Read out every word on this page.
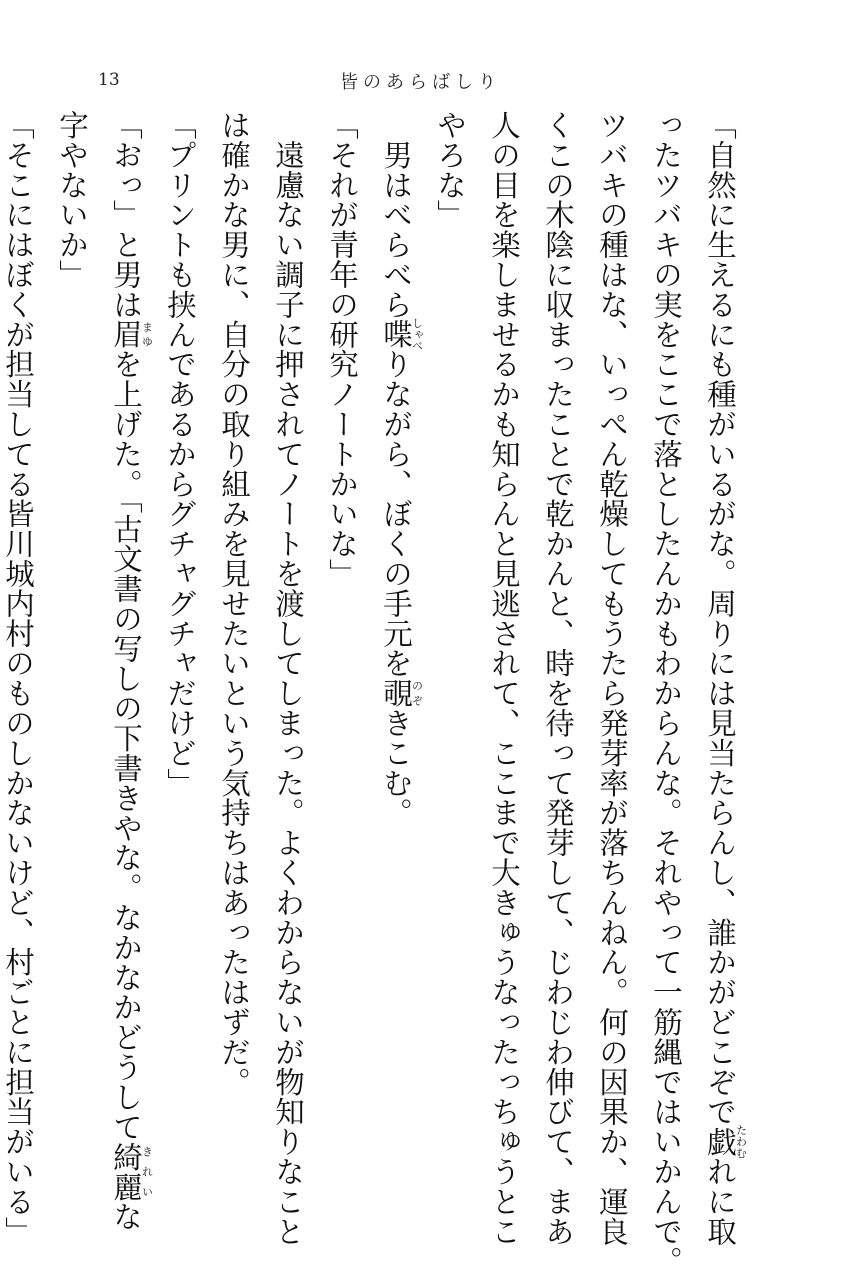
13	皆のあらばしり
「自然に生えるにも種がいるがな。周りには見当たらんし、誰かがどこぞで戯たわむれに取
ったツバキの実をここで落としたんかもわからんな。それやって一筋縄ではいかんで。
ツバキの種はな、いっぺん乾燥してもうたら発芽率が落ちんねん。何の因果か、運良
くこの木陰に収まったことで乾かんと、時を待って発芽して、じわじわ伸びて、まあ
人の目を楽しませるかも知らんと見逃されて、ここまで大きゅうなったっちゅうとこ
やろな」
　男はべらべら喋しゃべりながら、ぼくの手元を覗のぞきこむ。
「それが青年の研究ノートかいな」
　遠慮ない調子に押されてノートを渡してしまった。よくわからないが物知りなこと
は確かな男に、自分の取り組みを見せたいという気持ちはあったはずだ。
「プリントも挟んであるからグチャグチャだけど」
「おっ」と男は眉まゆを上げた。「古文書の写しの下書きやな。なかなかどうして綺麗きれいな
字やないか」
「そこにはぼくが担当してる皆川城内村のものしかないけど、村ごとに担当がいる」
